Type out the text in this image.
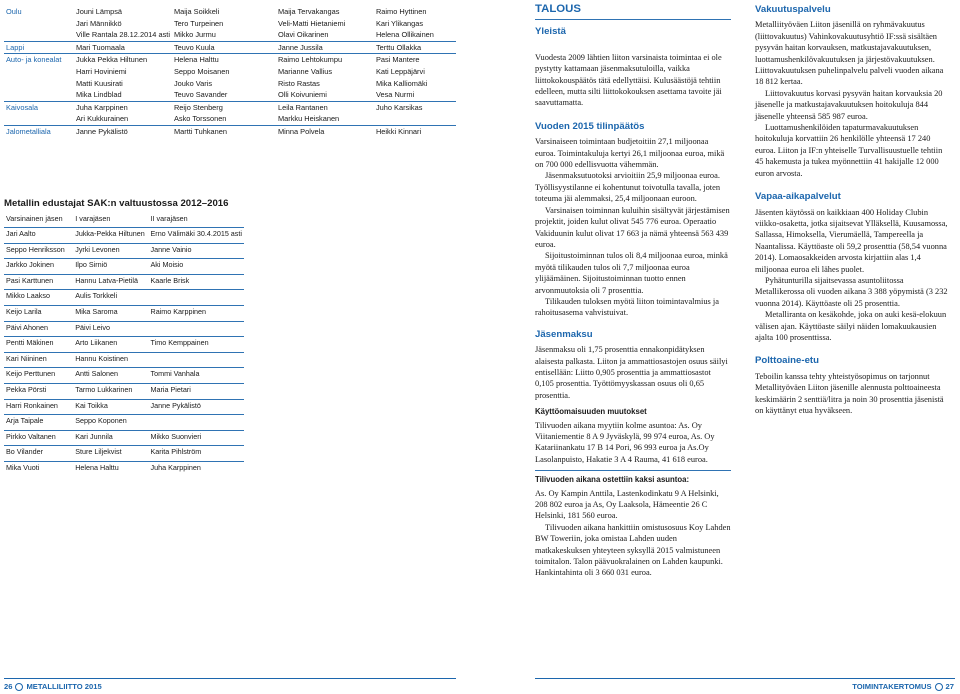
Oulu	Jouni Lämpsä	Maija Soikkeli	Maija Tervakangas	Raimo Hyttinen
	Jari Männikkö	Tero Turpeinen	Veli-Matti Hietaniemi	Kari Ylikangas
	Ville Rantala 28.12.2014 asti	Mikko Jurmu	Olavi Oikarinen	Helena Ollikainen
Lappi	Mari Tuomaala	Teuvo Kuula	Janne Jussila	Terttu Ollakka
Auto- ja konealat	Jukka Pekka Hiltunen	Helena Halttu	Raimo Lehtokumpu	Pasi Mantere
	Harri Hoviniemi	Seppo Moisanen	Marianne Vallius	Kati Leppäjärvi
	Matti Kuusirati	Jouko Varis	Risto Rastas	Mika Kalliomäki
	Mika Lindblad	Teuvo Savander	Olli Koivuniemi	Vesa Nurmi
Kaivosala	Juha Karppinen	Reijo Stenberg	Leila Rantanen	Juho Karsikas
	Ari Kukkurainen	Asko Torssonen	Markku Heiskanen	
Jalometalliala	Janne Pykälistö	Martti Tuhkanen	Minna Polvela	Heikki Kinnari
Metallin edustajat SAK:n valtuustossa 2012–2016
Varsinainen jäsen	I varajäsen	II varajäsen
Jari Aalto	Jukka-Pekka Hiltunen	Erno Välimäki 30.4.2015 asti
Seppo Henriksson	Jyrki Levonen	Janne Vainio
Jarkko Jokinen	Ilpo Sirniö	Aki Moisio
Pasi Karttunen	Hannu Latva-Pietilä	Kaarle Brisk
Mikko Laakso	Aulis Torkkeli	
Keijo Larila	Mika Saroma	Raimo Karppinen
Päivi Ahonen	Päivi Leivo	
Pentti Mäkinen	Arto Liikanen	Timo Kemppainen
Kari Niininen	Hannu Koistinen	
Keijo Perttunen	Antti Salonen	Tommi Vanhala
Pekka Pörsti	Tarmo Lukkarinen	Maria Pietari
Harri Ronkainen	Kai Toikka	Janne Pykälistö
Arja Taipale	Seppo Koponen	
Pirkko Valtanen	Kari Junnila	Mikko Suonvieri
Bo Vilander	Sture Liljekvist	Karita Pihlström
Mika Vuoti	Helena Halttu	Juha Karppinen
26 METALLILIITTO 2015
TALOUS
Yleistä

Vuodesta 2009 lähtien liiton varsinaista toimintaa ei ole pystytty kattamaan jäsenmaksutuloilla, vaikka liittokokouspäätös tätä edellyttäisi. Kulusäästöjä tehtiin edelleen, mutta silti liittokokouksen asettama tavoite jäi saavuttamatta.

Vuoden 2015 tilinpäätös

Varsinaiseen toimintaan budjetoitiin 27,1 miljoonaa euroa. Toimintakuluja kertyi 26,1 miljoonaa euroa, mikä on 700 000 edellisvuotta vähemmän.

Jäsenmaksutuotoksi arvioitiin 25,9 miljoonaa euroa. Työllisyystilanne ei kohentunut toivotulla tavalla, joten toteuma jäi alemmaksi, 25,4 miljoonaan euroon.

Varsinaisen toiminnan kuluihin sisältyvät järjestämisen projektit, joiden kulut olivat 545 776 euroa. Operaatio Vakiduunin kulut olivat 17 663 ja nämä yhteensä 563 439 euroa.

Sijoitustoiminnan tulos oli 8,4 miljoonaa euroa, minkä myötä tilikauden tulos oli 7,7 miljoonaa euroa ylijäämäinen. Sijoitustoiminnan tuotto ennen arvonmuutoksia oli 7 prosenttia.

Tilikauden tuloksen myötä liiton toimintavalmius ja rahoitusasema vahvistuivat.

Jäsenmaksu

Jäsenmaksu oli 1,75 prosenttia ennakonpidätyksen alaisesta palkasta. Liiton ja ammattiosastojen osuus säilyi entisellään: Liitto 0,905 prosenttia ja ammattiosastot 0,105 prosenttia. Työttömyyskassan osuus oli 0,65 prosenttia.

Käyttöomaisuuden muutokset

Tilivuoden aikana myytiin kolme asuntoa: As. Oy Viitaniementie 8 A 9 Jyväskylä, 99 974 euroa, As. Oy Katariinankatu 17 B 14 Pori, 96 993 euroa ja As.Oy Lasolanpuisto, Hakatie 3 A 4 Rauma, 41 618 euroa.

Tilivuoden aikana ostettiin kaksi asuntoa:

As. Oy Kampin Anttila, Lastenkodinkatu 9 A Helsinki, 208 802 euroa ja As, Oy Laaksola, Hämeentie 26 C Helsinki, 181 560 euroa.

Tilivuoden aikana hankittiin omistusosuus Koy Lahden BW Toweriin, joka omistaa Lahden uuden matkakeskuksen yhteyteen syksyllä 2015 valmistuneen toimitalon. Talon päävuokralainen on Lahden kaupunki. Hankintahinta oli 3 660 031 euroa.

Vakuutuspalvelu

Metalliityöväen Liiton jäsenillä on ryhmävakuutus (liittovakuutus) Vahinkovakuutusyhtiö IF:ssä sisältäen pysyvän haitan korvauksen, matkustajavakuutuksen, luottamushenkilövakuutuksen ja järjestövakuutuksen. Liittovakuutuksen puhelinpalvelu palveli vuoden aikana 18 812 kertaa.

Liittovakuutus korvasi pysyvän haitan korvauksia 20 jäsenelle ja matkustajavakuutuksen hoitokuluja 844 jäsenelle yhteensä 585 987 euroa.

Luottamushenkilöiden tapaturmavakuutuksen hoitokuluja korvattiin 26 henkilölle yhteensä 17 240 euroa. Liiton ja IF:n yhteiselle Turvallisuustuelle tehtiin 45 hakemusta ja tukea myönnettiin 41 hakijalle 12 000 euron arvosta.

Vapaa-aikapalvelut

Jäsenten käytössä on kaikkiaan 400 Holiday Clubin viikko-osaketta, jotka sijaitsevat Ylläksellä, Kuusamossa, Sallassa, Himoksella, Vierumäellä, Tampereella ja Naantalissa. Käyttöaste oli 59,2 prosenttia (58,54 vuonna 2014). Lomaosakkeiden arvosta kirjattiin alas 1,4 miljoonaa euroa eli lähes puolet.

Pyhätunturilla sijaitsevassa asuntoliitossa Metallikerossa oli vuoden aikana 3 388 yöpymistä (3 232 vuonna 2014). Käyttöaste oli 25 prosenttia.

Metalliranta on kesäkohde, joka on auki kesä-elokuun välisen ajan. Käyttöaste säilyi näiden lomakuukausien ajalta 100 prosenttissa.

Polttoaine-etu

Teboilin kanssa tehty yhteistyösopimus on tarjonnut Metallityöväen Liiton jäsenille alennusta polttoaineesta keskimäärin 2 senttiä/litra ja noin 30 prosenttia jäsenistä on käyttänyt etua hyväkseen.

TOIMINTAKERTOMUS 27
